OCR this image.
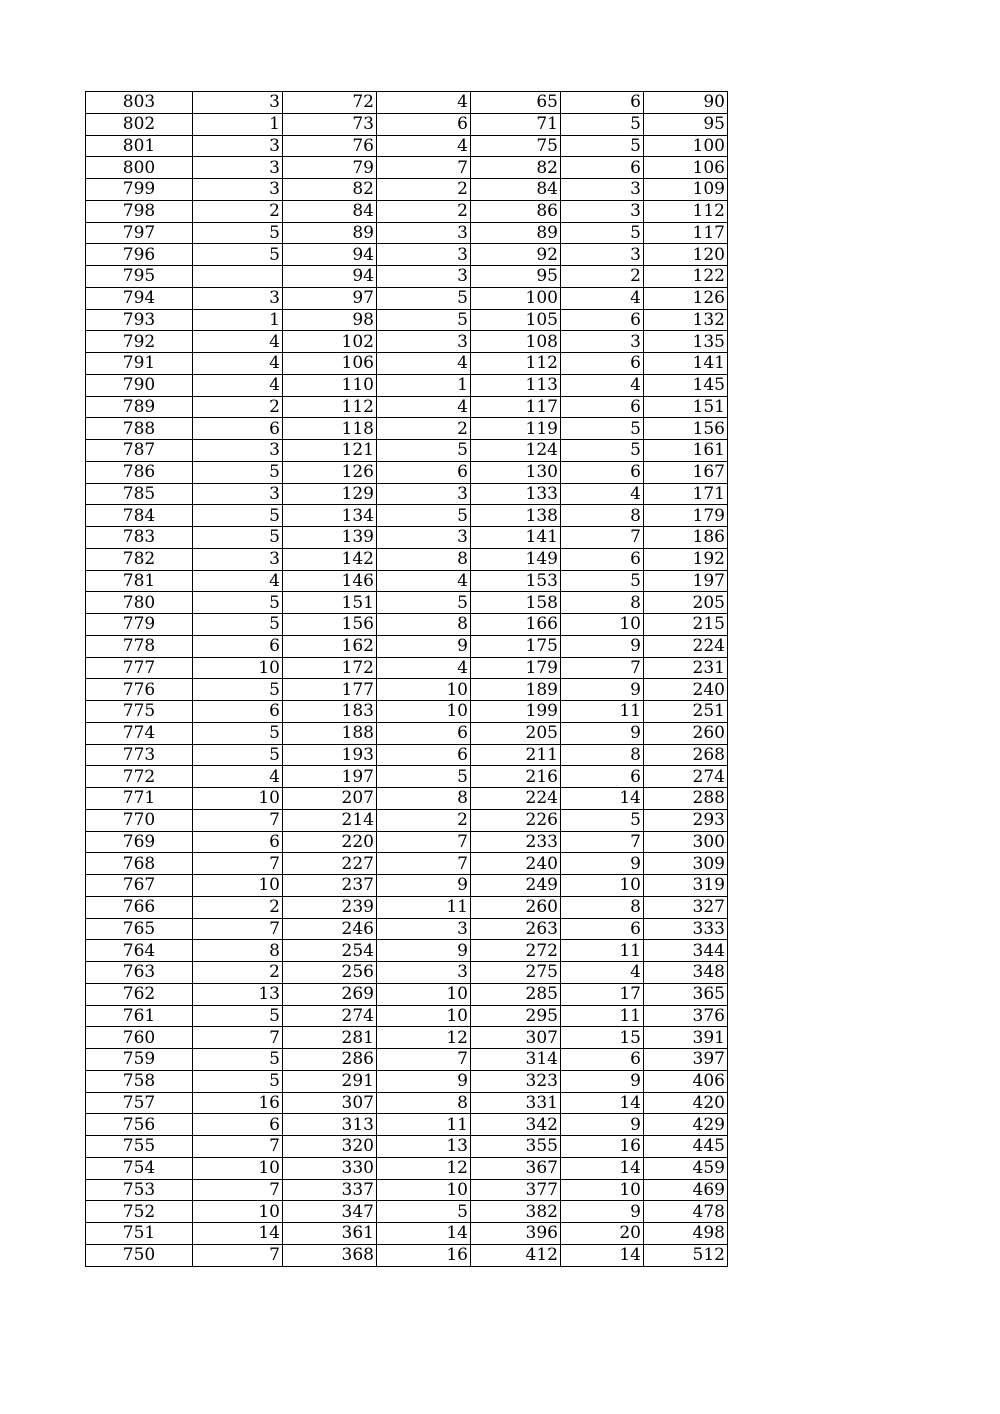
803	3	72	4	65	6	90
802	1	73	6	71	5	95
801	3	76	4	75	5	100
800	3	79	7	82	6	106
799	3	82	2	84	3	109
798	2	84	2	86	3	112
797	5	89	3	89	5	117
796	5	94	3	92	3	120
795		94	3	95	2	122
794	3	97	5	100	4	126
793	1	98	5	105	6	132
792	4	102	3	108	3	135
791	4	106	4	112	6	141
790	4	110	1	113	4	145
789	2	112	4	117	6	151
788	6	118	2	119	5	156
787	3	121	5	124	5	161
786	5	126	6	130	6	167
785	3	129	3	133	4	171
784	5	134	5	138	8	179
783	5	139	3	141	7	186
782	3	142	8	149	6	192
781	4	146	4	153	5	197
780	5	151	5	158	8	205
779	5	156	8	166	10	215
778	6	162	9	175	9	224
777	10	172	4	179	7	231
776	5	177	10	189	9	240
775	6	183	10	199	11	251
774	5	188	6	205	9	260
773	5	193	6	211	8	268
772	4	197	5	216	6	274
771	10	207	8	224	14	288
770	7	214	2	226	5	293
769	6	220	7	233	7	300
768	7	227	7	240	9	309
767	10	237	9	249	10	319
766	2	239	11	260	8	327
765	7	246	3	263	6	333
764	8	254	9	272	11	344
763	2	256	3	275	4	348
762	13	269	10	285	17	365
761	5	274	10	295	11	376
760	7	281	12	307	15	391
759	5	286	7	314	6	397
758	5	291	9	323	9	406
757	16	307	8	331	14	420
756	6	313	11	342	9	429
755	7	320	13	355	16	445
754	10	330	12	367	14	459
753	7	337	10	377	10	469
752	10	347	5	382	9	478
751	14	361	14	396	20	498
750	7	368	16	412	14	512
